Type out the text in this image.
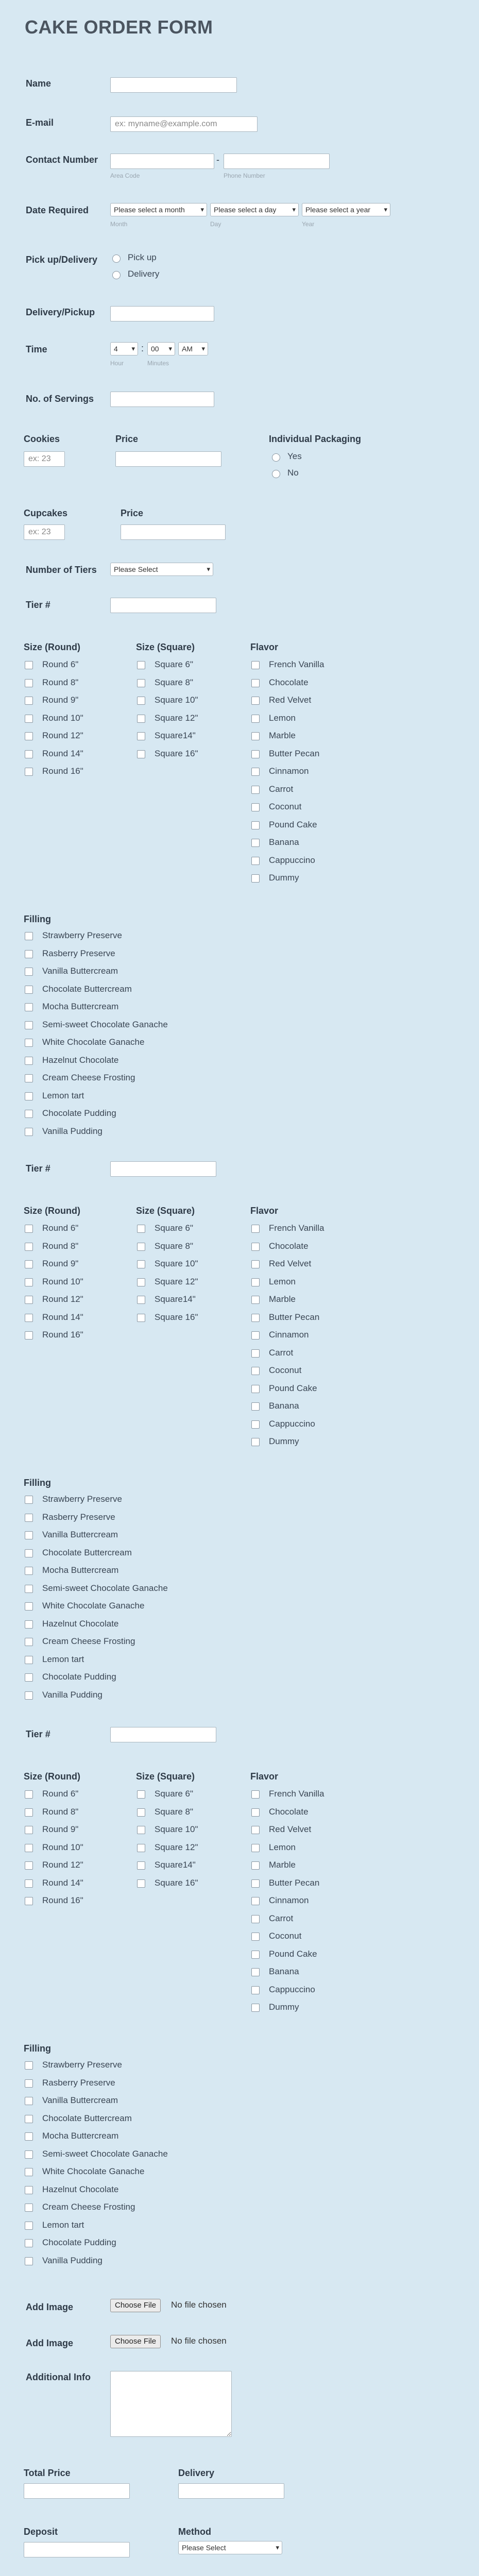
CAKE ORDER FORM
Name
E-mail
ex: myname@example.com
Contact Number	-
Area Code	Phone Number
Date Required	Please select a month ▾	Please select a day ▾	Please select a year ▾
Month	Day	Year
Pick up/Delivery	Pick up
Delivery
Delivery/Pickup
Time	4 ▾	: 00 ▾	AM ▾
Hour	Minutes
No. of Servings
Cookies	Price	Individual Packaging
ex: 23
Yes
No
Cupcakes	Price
ex: 23
Number of Tiers	Please Select ▾
Tier #
Size (Round)	Size (Square)	Flavor
Round 6"
Round 8"
Round 9"
Round 10"
Round 12"
Round 14"
Round 16"
Square 6"
Square 8"
Square 10"
Square 12"
Square14"
Square 16"
French Vanilla
Chocolate
Red Velvet
Lemon
Marble
Butter Pecan
Cinnamon
Carrot
Coconut
Pound Cake
Banana
Cappuccino
Dummy
Filling
Strawberry Preserve
Rasberry Preserve
Vanilla Buttercream
Chocolate Buttercream
Mocha Buttercream
Semi-sweet Chocolate Ganache
White Chocolate Ganache
Hazelnut Chocolate
Cream Cheese Frosting
Lemon tart
Chocolate Pudding
Vanilla Pudding
Tier #
Size (Round)	Size (Square)	Flavor
Round 6"
Round 8"
Round 9"
Round 10"
Round 12"
Round 14"
Round 16"
Square 6"
Square 8"
Square 10"
Square 12"
Square14"
Square 16"
French Vanilla
Chocolate
Red Velvet
Lemon
Marble
Butter Pecan
Cinnamon
Carrot
Coconut
Pound Cake
Banana
Cappuccino
Dummy
Filling
Strawberry Preserve
Rasberry Preserve
Vanilla Buttercream
Chocolate Buttercream
Mocha Buttercream
Semi-sweet Chocolate Ganache
White Chocolate Ganache
Hazelnut Chocolate
Cream Cheese Frosting
Lemon tart
Chocolate Pudding
Vanilla Pudding
Tier #
Size (Round)	Size (Square)	Flavor
Round 6"
Round 8"
Round 9"
Round 10"
Round 12"
Round 14"
Round 16"
Square 6"
Square 8"
Square 10"
Square 12"
Square14"
Square 16"
French Vanilla
Chocolate
Red Velvet
Lemon
Marble
Butter Pecan
Cinnamon
Carrot
Coconut
Pound Cake
Banana
Cappuccino
Dummy
Filling
Strawberry Preserve
Rasberry Preserve
Vanilla Buttercream
Chocolate Buttercream
Mocha Buttercream
Semi-sweet Chocolate Ganache
White Chocolate Ganache
Hazelnut Chocolate
Cream Cheese Frosting
Lemon tart
Chocolate Pudding
Vanilla Pudding
Add Image	Choose File	No file chosen
Add Image	Choose File	No file chosen
Additional Info
Total Price	Delivery
Deposit	Method
Please Select ▾
